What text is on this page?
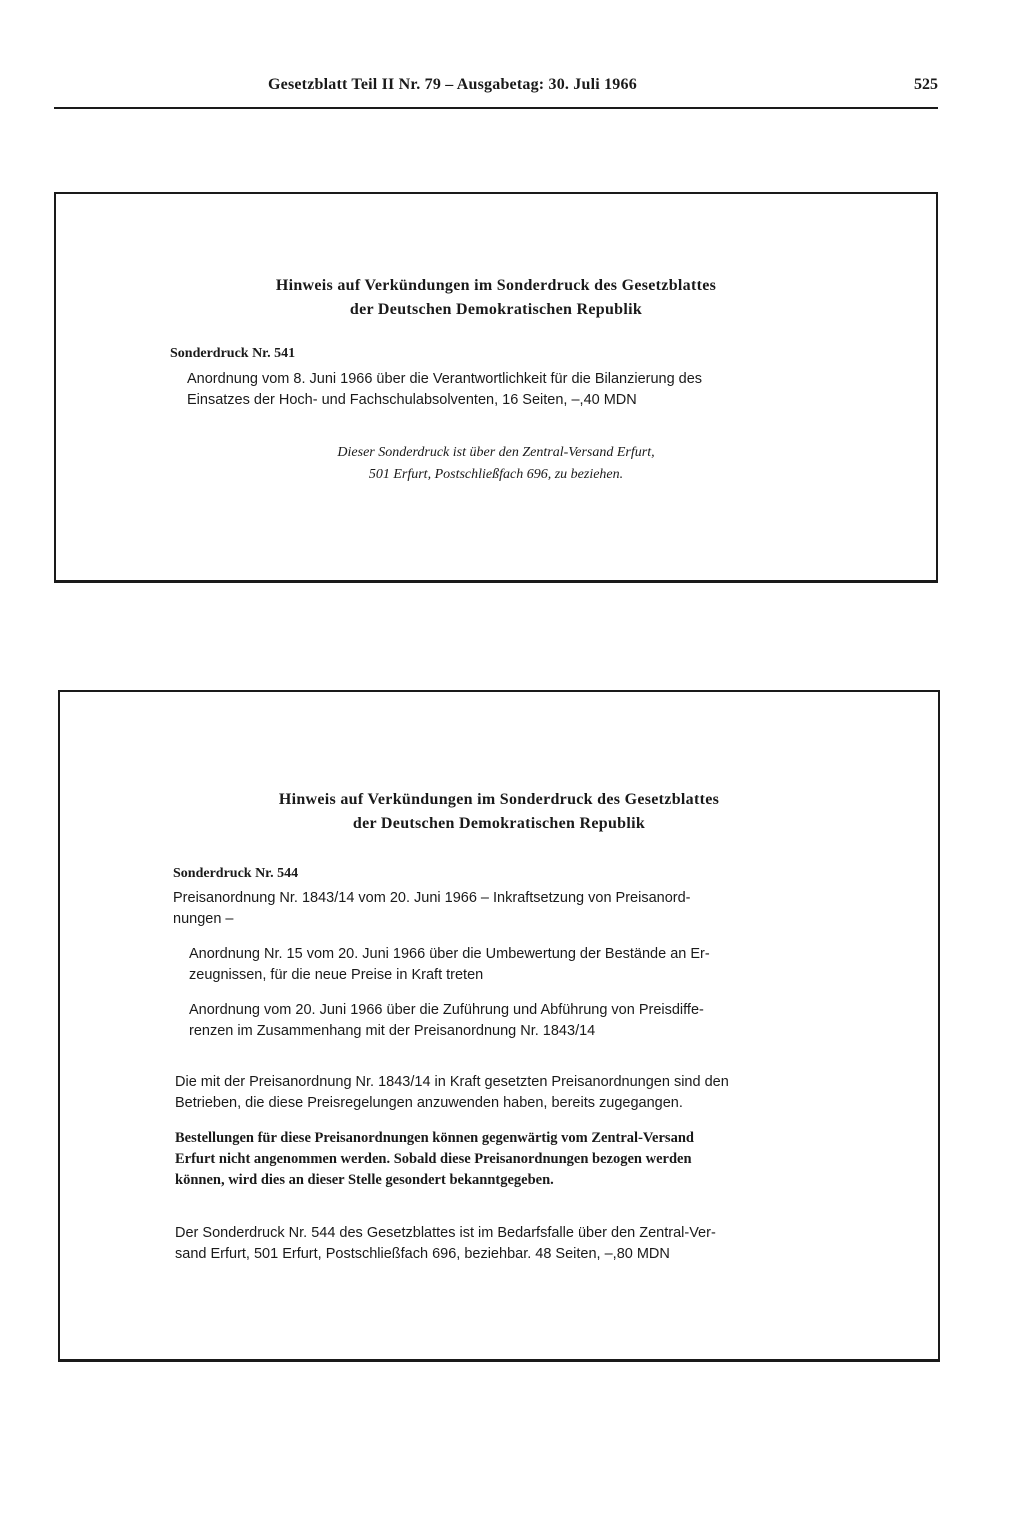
Gesetzblatt Teil II Nr. 79 – Ausgabetag: 30. Juli 1966	525
Hinweis auf Verkündungen im Sonderdruck des Gesetzblattes
der Deutschen Demokratischen Republik
Sonderdruck Nr. 541
Anordnung vom 8. Juni 1966 über die Verantwortlichkeit für die Bilanzierung des
Einsatzes der Hoch- und Fachschulabsolventen, 16 Seiten, –,40 MDN
Dieser Sonderdruck ist über den Zentral-Versand Erfurt,
501 Erfurt, Postschließfach 696, zu beziehen.
Hinweis auf Verkündungen im Sonderdruck des Gesetzblattes
der Deutschen Demokratischen Republik
Sonderdruck Nr. 544
Preisanordnung Nr. 1843/14 vom 20. Juni 1966 – Inkraftsetzung von Preisanord-
nungen –
Anordnung Nr. 15 vom 20. Juni 1966 über die Umbewertung der Bestände an Er-
zeugnissen, für die neue Preise in Kraft treten
Anordnung vom 20. Juni 1966 über die Zuführung und Abführung von Preisdiffe-
renzen im Zusammenhang mit der Preisanordnung Nr. 1843/14
Die mit der Preisanordnung Nr. 1843/14 in Kraft gesetzten Preisanordnungen sind den
Betrieben, die diese Preisregelungen anzuwenden haben, bereits zugegangen.
Bestellungen für diese Preisanordnungen können gegenwärtig vom Zentral-Versand
Erfurt nicht angenommen werden. Sobald diese Preisanordnungen bezogen werden
können, wird dies an dieser Stelle gesondert bekanntgegeben.
Der Sonderdruck Nr. 544 des Gesetzblattes ist im Bedarfsfalle über den Zentral-Ver-
sand Erfurt, 501 Erfurt, Postschließfach 696, beziehbar. 48 Seiten, –,80 MDN
